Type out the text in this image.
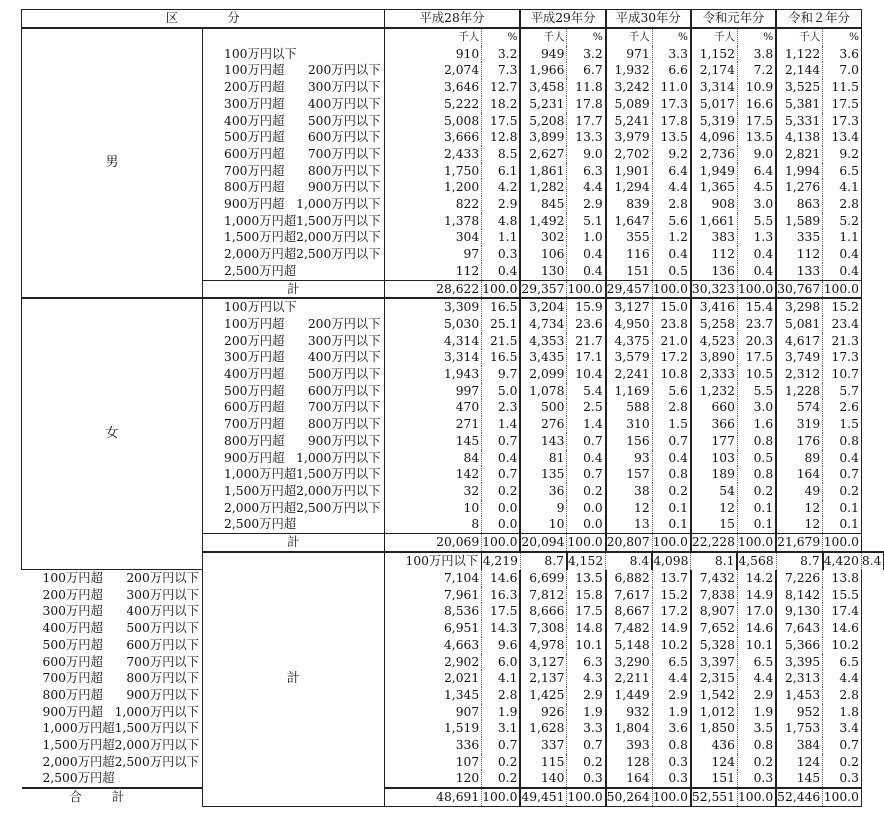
区　　　　分		平成28年分		平成29年分		平成30年分		令和元年分		令和２年分		
男		千人	%	千人	%	千人	%	千人	%	千人	%	

	100万円以下	910	3.2	949	3.2	971	3.3	1,152	3.8	1,122	3.6	

	100万円超 200万円以下	2,074	7.3	1,966	6.7	1,932	6.6	2,174	7.2	2,144	7.0	

	200万円超 300万円以下	3,646	12.7	3,458	11.8	3,242	11.0	3,314	10.9	3,525	11.5	

	300万円超 400万円以下	5,222	18.2	5,231	17.8	5,089	17.3	5,017	16.6	5,381	17.5	

	400万円超 500万円以下	5,008	17.5	5,208	17.7	5,241	17.8	5,319	17.5	5,331	17.3	

	500万円超 600万円以下	3,666	12.8	3,899	13.3	3,979	13.5	4,096	13.5	4,138	13.4	

	600万円超 700万円以下	2,433	8.5	2,627	9.0	2,702	9.2	2,736	9.0	2,821	9.2	

	700万円超 800万円以下	1,750	6.1	1,861	6.3	1,901	6.4	1,949	6.4	1,994	6.5	

	800万円超 900万円以下	1,200	4.2	1,282	4.4	1,294	4.4	1,365	4.5	1,276	4.1	

	900万円超 1,000万円以下	822	2.9	845	2.9	839	2.8	908	3.0	863	2.8	

	1,000万円超 1,500万円以下	1,378	4.8	1,492	5.1	1,647	5.6	1,661	5.5	1,589	5.2	

	1,500万円超 2,000万円以下	304	1.1	302	1.0	355	1.2	383	1.3	335	1.1	

	2,000万円超 2,500万円以下	97	0.3	106	0.4	116	0.4	112	0.4	112	0.4	

	2,500万円超	112	0.4	130	0.4	151	0.5	136	0.4	133	0.4	
	計	28,622	100.0	29,357	100.0	29,457	100.0	30,323	100.0	30,767	100.0	
女	100万円以下	3,309	16.5	3,204	15.9	3,127	15.0	3,416	15.4	3,298	15.2	

	100万円超 200万円以下	5,030	25.1	4,734	23.6	4,950	23.8	5,258	23.7	5,081	23.4	

	200万円超 300万円以下	4,314	21.5	4,353	21.7	4,375	21.0	4,523	20.3	4,617	21.3	

	300万円超 400万円以下	3,314	16.5	3,435	17.1	3,579	17.2	3,890	17.5	3,749	17.3	

	400万円超 500万円以下	1,943	9.7	2,099	10.4	2,241	10.8	2,333	10.5	2,312	10.7	

	500万円超 600万円以下	997	5.0	1,078	5.4	1,169	5.6	1,232	5.5	1,228	5.7	

	600万円超 700万円以下	470	2.3	500	2.5	588	2.8	660	3.0	574	2.6	

	700万円超 800万円以下	271	1.4	276	1.4	310	1.5	366	1.6	319	1.5	

	800万円超 900万円以下	145	0.7	143	0.7	156	0.7	177	0.8	176	0.8	

	900万円超 1,000万円以下	84	0.4	81	0.4	93	0.4	103	0.5	89	0.4	

	1,000万円超 1,500万円以下	142	0.7	135	0.7	157	0.8	189	0.8	164	0.7	

	1,500万円超 2,000万円以下	32	0.2	36	0.2	38	0.2	54	0.2	49	0.2	

	2,000万円超 2,500万円以下	10	0.0	9	0.0	12	0.1	12	0.1	12	0.1	

	2,500万円超	8	0.0	10	0.0	13	0.1	15	0.1	12	0.1	
	計	20,069	100.0	20,094	100.0	20,807	100.0	22,228	100.0	21,679	100.0	
	計	100万円以下	4,219	8.7	4,152	8.4	4,098	8.1	4,568	8.7	4,420	8.4

100万円超 200万円以下		7,104	14.6	6,699	13.5	6,882	13.7	7,432	14.2	7,226	13.8	

200万円超 300万円以下		7,961	16.3	7,812	15.8	7,617	15.2	7,838	14.9	8,142	15.5	

300万円超 400万円以下		8,536	17.5	8,666	17.5	8,667	17.2	8,907	17.0	9,130	17.4	

400万円超 500万円以下		6,951	14.3	7,308	14.8	7,482	14.9	7,652	14.6	7,643	14.6	

500万円超 600万円以下		4,663	9.6	4,978	10.1	5,148	10.2	5,328	10.1	5,366	10.2	

600万円超 700万円以下		2,902	6.0	3,127	6.3	3,290	6.5	3,397	6.5	3,395	6.5	

700万円超 800万円以下		2,021	4.1	2,137	4.3	2,211	4.4	2,315	4.4	2,313	4.4	

800万円超 900万円以下		1,345	2.8	1,425	2.9	1,449	2.9	1,542	2.9	1,453	2.8	

900万円超 1,000万円以下		907	1.9	926	1.9	932	1.9	1,012	1.9	952	1.8	

1,000万円超 1,500万円以下		1,519	3.1	1,628	3.3	1,804	3.6	1,850	3.5	1,753	3.4	

1,500万円超 2,000万円以下		336	0.7	337	0.7	393	0.8	436	0.8	384	0.7	

2,000万円超 2,500万円以下		107	0.2	115	0.2	128	0.3	124	0.2	124	0.2	

2,500万円超		120	0.2	140	0.3	164	0.3	151	0.3	145	0.3	
合計		48,691	100.0	49,451	100.0	50,264	100.0	52,551	100.0	52,446	100.0	
